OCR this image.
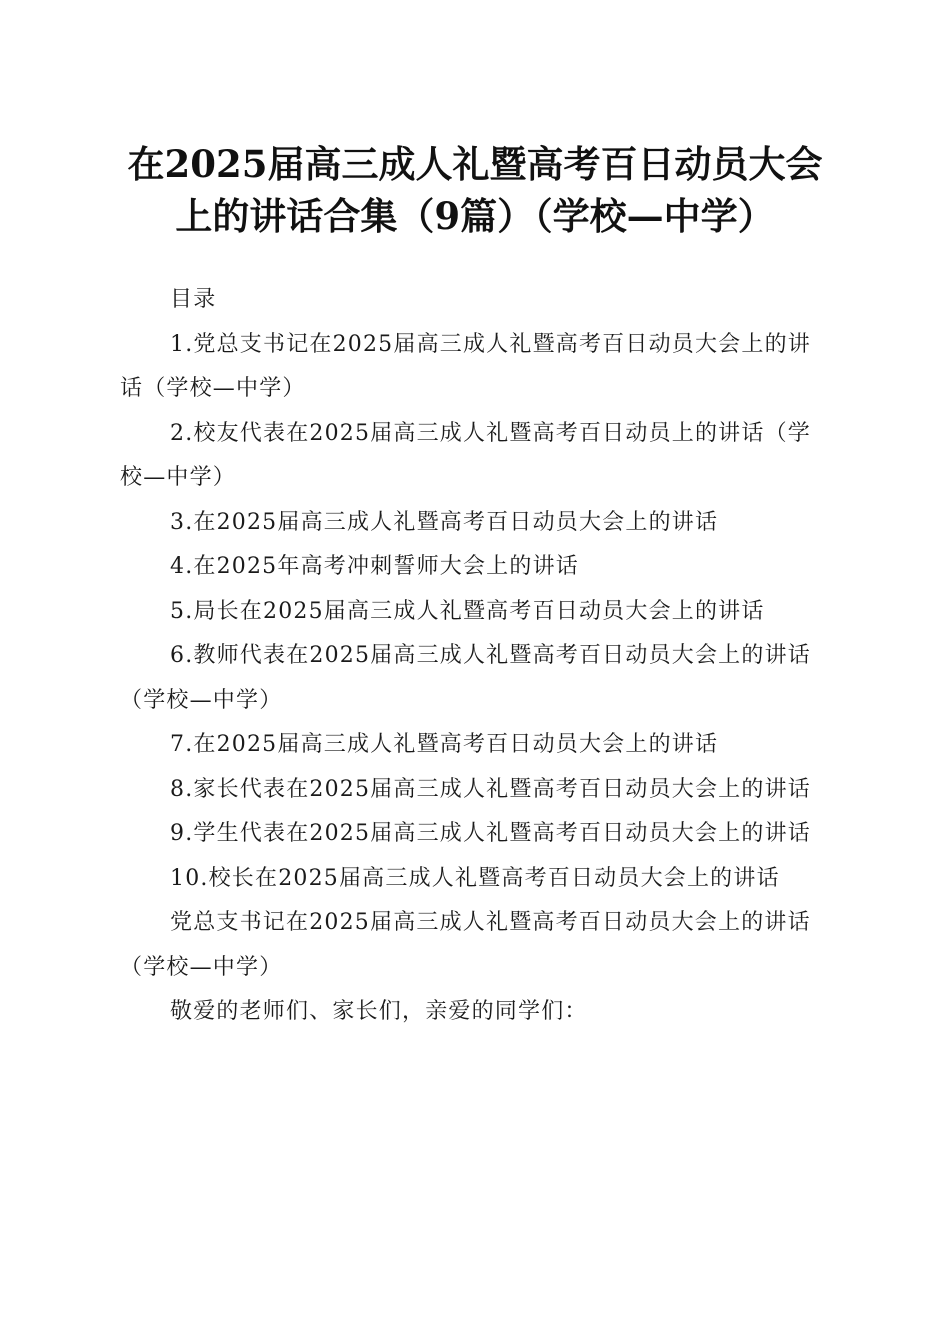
在2025届高三成人礼暨高考百日动员大会上的讲话合集（9篇）（学校—中学）

目录

1.党总支书记在2025届高三成人礼暨高考百日动员大会上的讲话（学校—中学）

2.校友代表在2025届高三成人礼暨高考百日动员上的讲话（学校—中学）

3.在2025届高三成人礼暨高考百日动员大会上的讲话

4.在2025年高考冲刺誓师大会上的讲话

5.局长在2025届高三成人礼暨高考百日动员大会上的讲话

6.教师代表在2025届高三成人礼暨高考百日动员大会上的讲话（学校—中学）

7.在2025届高三成人礼暨高考百日动员大会上的讲话

8.家长代表在2025届高三成人礼暨高考百日动员大会上的讲话

9.学生代表在2025届高三成人礼暨高考百日动员大会上的讲话

10.校长在2025届高三成人礼暨高考百日动员大会上的讲话

党总支书记在2025届高三成人礼暨高考百日动员大会上的讲话（学校—中学）

敬爱的老师们、家长们，亲爱的同学们：
